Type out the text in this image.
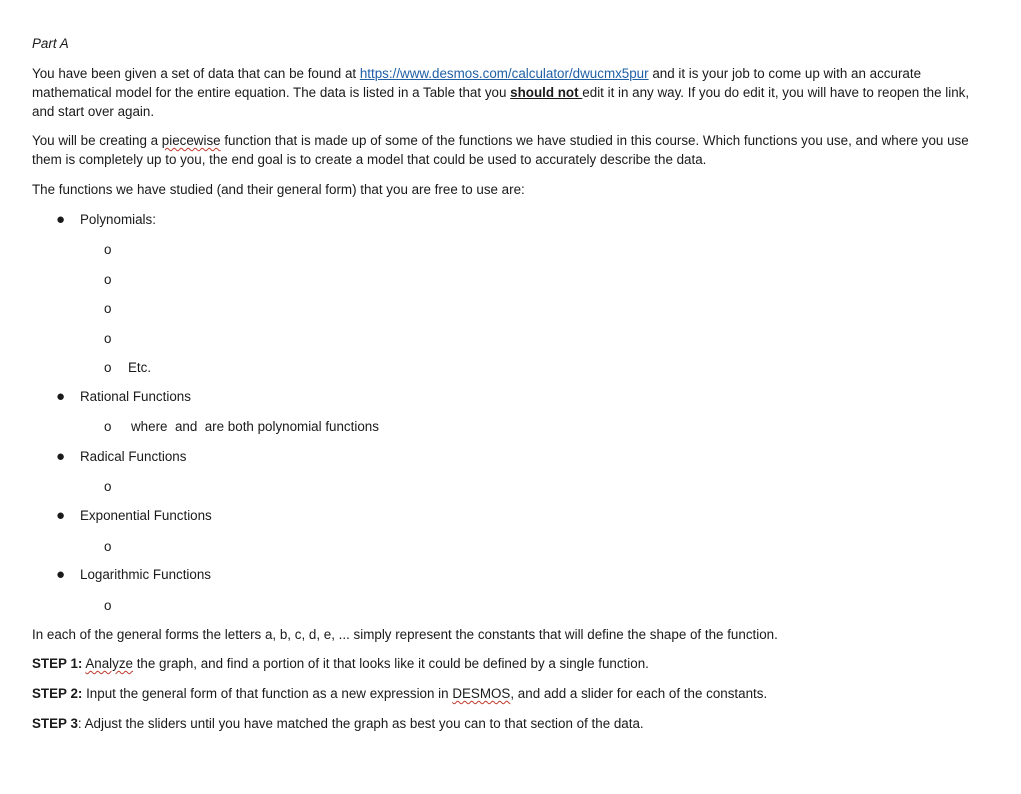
Part A
You have been given a set of data that can be found at https://www.desmos.com/calculator/dwucmx5pur and it is your job to come up with an accurate mathematical model for the entire equation. The data is listed in a Table that you should not edit it in any way. If you do edit it, you will have to reopen the link, and start over again.
You will be creating a piecewise function that is made up of some of the functions we have studied in this course. Which functions you use, and where you use them is completely up to you, the end goal is to create a model that could be used to accurately describe the data.
The functions we have studied (and their general form) that you are free to use are:
● Polynomials:
o
o
o
o
o Etc.
● Rational Functions
o where and are both polynomial functions
● Radical Functions
o
● Exponential Functions
o
● Logarithmic Functions
o
In each of the general forms the letters a, b, c, d, e, ... simply represent the constants that will define the shape of the function.
STEP 1: Analyze the graph, and find a portion of it that looks like it could be defined by a single function.
STEP 2: Input the general form of that function as a new expression in DESMOS, and add a slider for each of the constants.
STEP 3: Adjust the sliders until you have matched the graph as best you can to that section of the data.
